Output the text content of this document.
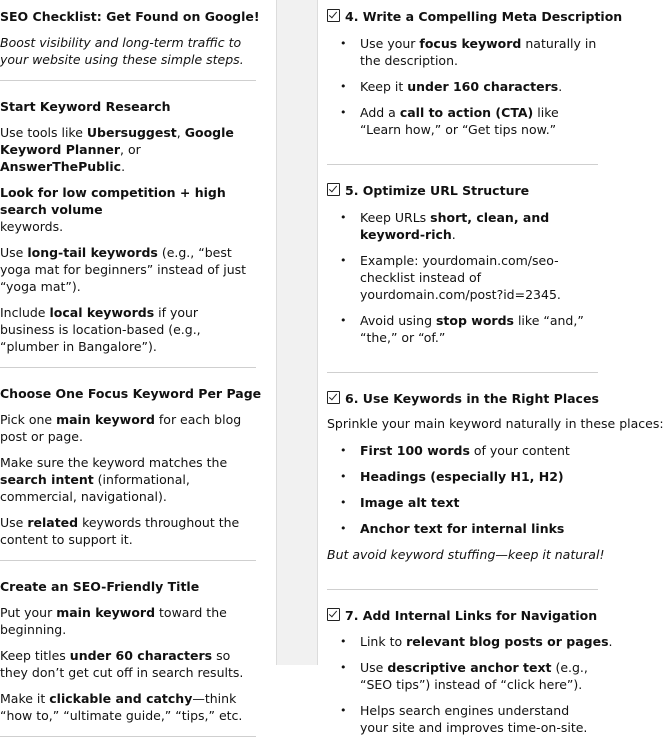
SEO Checklist: Get Found on Google!

Boost visibility and long-term traffic to your website using these simple steps.

Start Keyword Research

Use tools like Ubersuggest, Google Keyword Planner, or
AnswerThePublic.

Look for low competition + high search volume
keywords.

Use long-tail keywords (e.g., “best yoga mat for beginners” instead of just “yoga mat”).

Include local keywords if your business is location-based (e.g., “plumber in Bangalore”).

Choose One Focus Keyword Per Page

Pick one main keyword for each blog post or page.

Make sure the keyword matches the search intent (informational, commercial, navigational).

Use related keywords throughout the content to support it.

Create an SEO-Friendly Title

Put your main keyword toward the beginning.

Keep titles under 60 characters so they don’t get cut off in search results.

Make it clickable and catchy—think “how to,” “ultimate guide,” “tips,” etc.

4. Write a Compelling Meta Description
• Use your focus keyword naturally in the description.
• Keep it under 160 characters.
• Add a call to action (CTA) like “Learn how,” or “Get tips now.”
5. Optimize URL Structure
• Keep URLs short, clean, and keyword-rich.
• Example: yourdomain.com/seo-checklist instead of yourdomain.com/post?id=2345.
• Avoid using stop words like “and,” “the,” or “of.”
6. Use Keywords in the Right Places

Sprinkle your main keyword naturally in these places:

• First 100 words of your content
• Headings (especially H1, H2)
• Image alt text
• Anchor text for internal links

But avoid keyword stuffing—keep it natural!

7. Add Internal Links for Navigation
• Link to relevant blog posts or pages.
• Use descriptive anchor text (e.g., “SEO tips”) instead of “click here”).
• Helps search engines understand your site and improves time-on-site.
